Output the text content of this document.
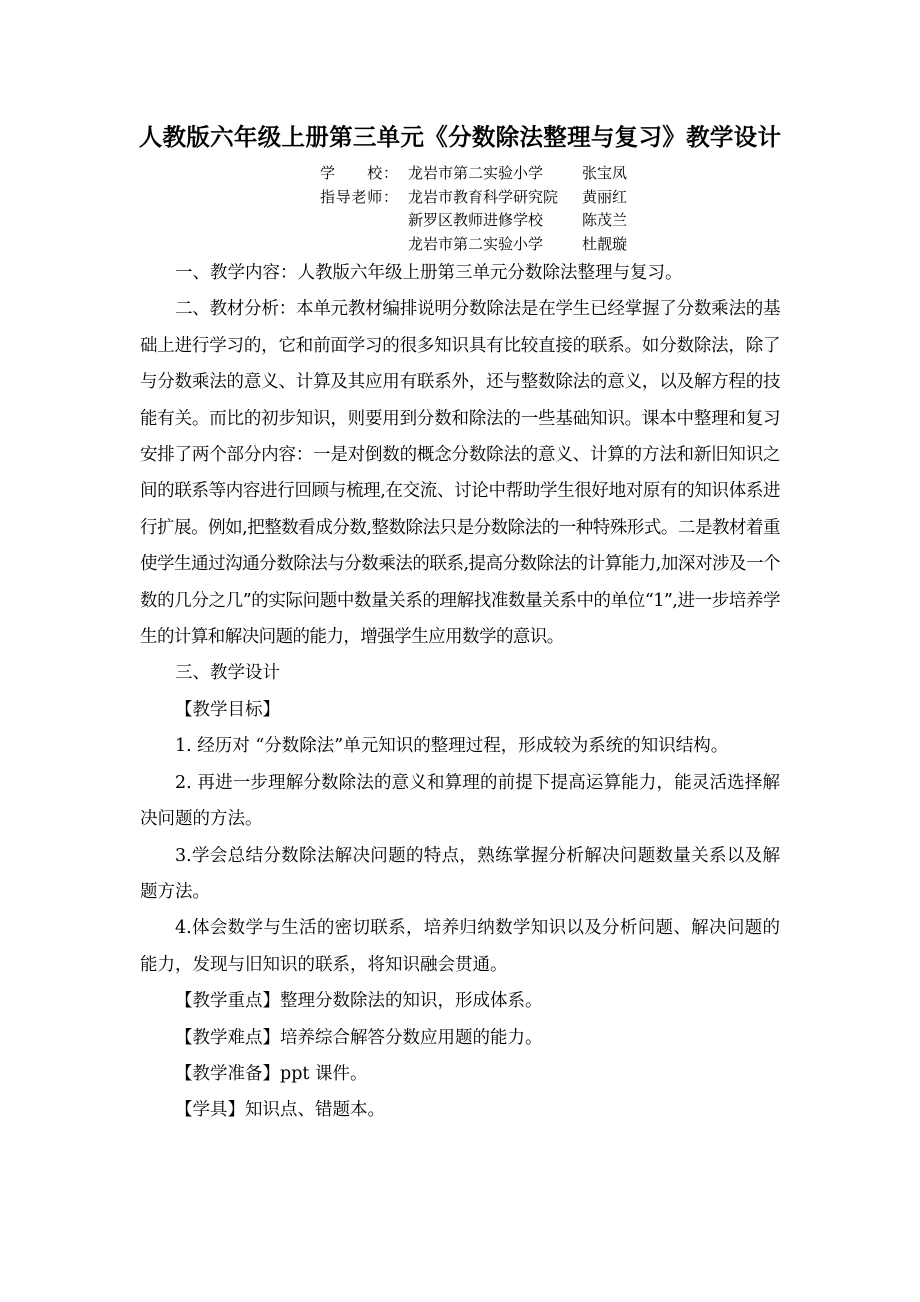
人教版六年级上册第三单元《分数除法整理与复习》教学设计
学　　校： 龙岩市第二实验小学	张宝凤
指导老师： 龙岩市教育科学研究院	黄丽红
新罗区教师进修学校	陈茂兰
龙岩市第二实验小学	杜靓璇

一、教学内容：人教版六年级上册第三单元分数除法整理与复习。

二、教材分析：本单元教材编排说明分数除法是在学生已经掌握了分数乘法的基础上进行学习的，它和前面学习的很多知识具有比较直接的联系。如分数除法，除了与分数乘法的意义、计算及其应用有联系外，还与整数除法的意义，以及解方程的技能有关。而比的初步知识，则要用到分数和除法的一些基础知识。课本中整理和复习安排了两个部分内容：一是对倒数的概念分数除法的意义、计算的方法和新旧知识之间的联系等内容进行回顾与梳理,在交流、讨论中帮助学生很好地对原有的知识体系进行扩展。例如,把整数看成分数,整数除法只是分数除法的一种特殊形式。二是教材着重使学生通过沟通分数除法与分数乘法的联系,提高分数除法的计算能力,加深对涉及一个数的几分之几”的实际问题中数量关系的理解找准数量关系中的单位“1”,进一步培养学生的计算和解决问题的能力，增强学生应用数学的意识。

三、教学设计

【教学目标】

1. 经历对 “分数除法”单元知识的整理过程，形成较为系统的知识结构。

2. 再进一步理解分数除法的意义和算理的前提下提高运算能力，能灵活选择解决问题的方法。

3.学会总结分数除法解决问题的特点，熟练掌握分析解决问题数量关系以及解题方法。

4.体会数学与生活的密切联系，培养归纳数学知识以及分析问题、解决问题的能力，发现与旧知识的联系，将知识融会贯通。

【教学重点】整理分数除法的知识，形成体系。

【教学难点】培养综合解答分数应用题的能力。

【教学准备】ppt 课件。

【学具】知识点、错题本。
